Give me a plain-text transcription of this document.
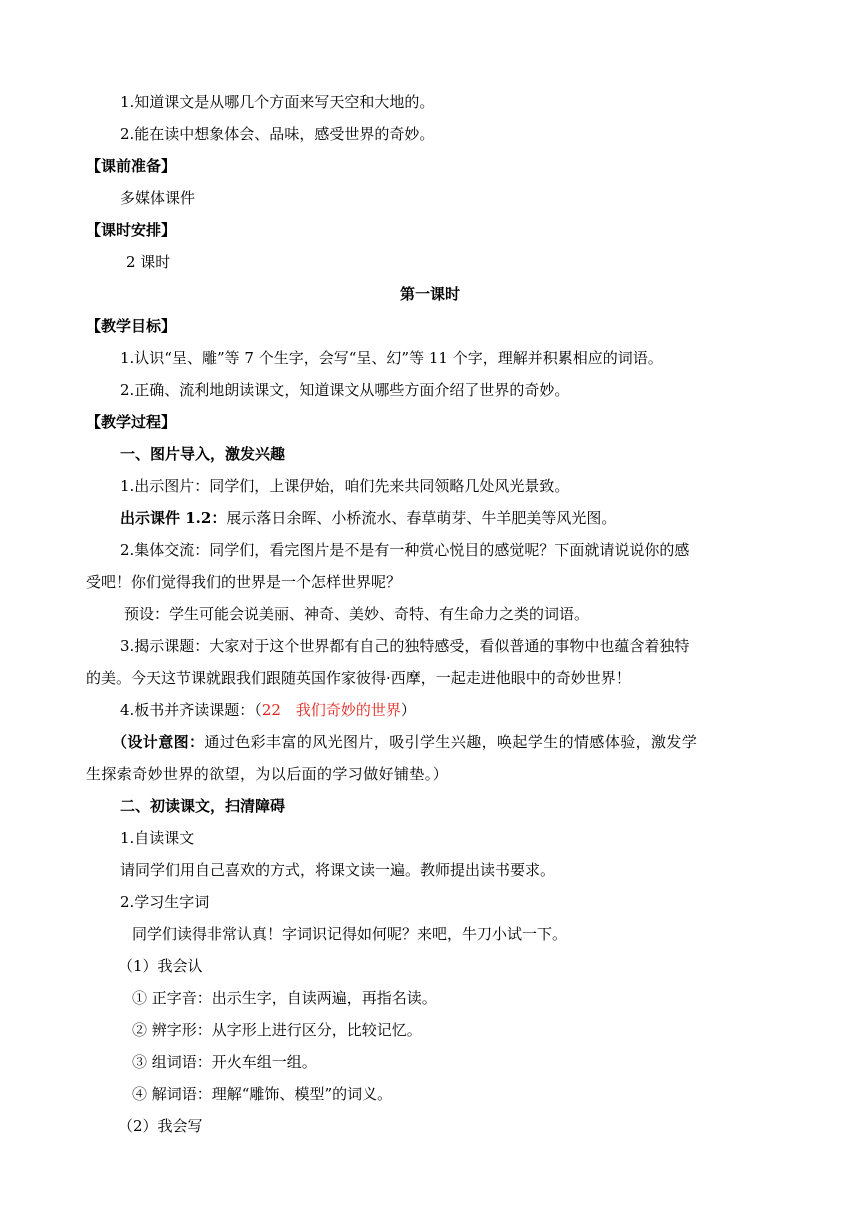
1.知道课文是从哪几个方面来写天空和大地的。
2.能在读中想象体会、品味，感受世界的奇妙。
【课前准备】
多媒体课件
【课时安排】
2 课时
第一课时
【教学目标】
1.认识“呈、雕”等 7 个生字，会写“呈、幻”等 11 个字，理解并积累相应的词语。
2.正确、流利地朗读课文，知道课文从哪些方面介绍了世界的奇妙。
【教学过程】
一、图片导入，激发兴趣
1.出示图片：同学们，上课伊始，咱们先来共同领略几处风光景致。
出示课件 1.2：展示落日余晖、小桥流水、春草萌芽、牛羊肥美等风光图。
2.集体交流：同学们，看完图片是不是有一种赏心悦目的感觉呢？下面就请说说你的感
受吧！你们觉得我们的世界是一个怎样世界呢？
预设：学生可能会说美丽、神奇、美妙、奇特、有生命力之类的词语。
3.揭示课题：大家对于这个世界都有自己的独特感受，看似普通的事物中也蕴含着独特
的美。今天这节课就跟我们跟随英国作家彼得·西摩，一起走进他眼中的奇妙世界！
4.板书并齐读课题：（22　我们奇妙的世界）
（设计意图：通过色彩丰富的风光图片，吸引学生兴趣，唤起学生的情感体验，激发学
生探索奇妙世界的欲望，为以后面的学习做好铺垫。）
二、初读课文，扫清障碍
1.自读课文
请同学们用自己喜欢的方式，将课文读一遍。教师提出读书要求。
2.学习生字词
同学们读得非常认真！字词识记得如何呢？来吧，牛刀小试一下。
（1）我会认
① 正字音：出示生字，自读两遍，再指名读。
② 辨字形：从字形上进行区分，比较记忆。
③ 组词语：开火车组一组。
④ 解词语：理解“雕饰、模型”的词义。
（2）我会写
